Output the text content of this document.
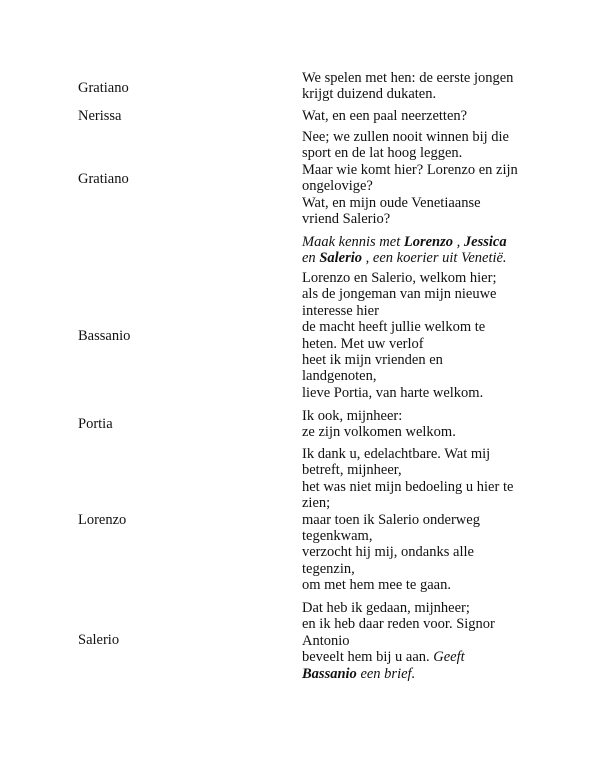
Gratiano
We spelen met hen: de eerste jongen
krijgt duizend dukaten.
Nerissa	Wat, en een paal neerzetten?
Gratiano
Nee; we zullen nooit winnen bij die
sport en de lat hoog leggen.
Maar wie komt hier? Lorenzo en zijn
ongelovige?
Wat, en mijn oude Venetiaanse
vriend Salerio?
Maak kennis met Lorenzo , Jessica
en Salerio , een koerier uit Venetië.
Bassanio
Lorenzo en Salerio, welkom hier;
als de jongeman van mijn nieuwe
interesse hier
de macht heeft jullie welkom te
heten. Met uw verlof
heet ik mijn vrienden en
landgenoten,
lieve Portia, van harte welkom.
Portia	Ik ook, mijnheer:
ze zijn volkomen welkom.
Lorenzo
Ik dank u, edelachtbare. Wat mij
betreft, mijnheer,
het was niet mijn bedoeling u hier te
zien;
maar toen ik Salerio onderweg
tegenkwam,
verzocht hij mij, ondanks alle
tegenzin,
om met hem mee te gaan.
Salerio
Dat heb ik gedaan, mijnheer;
en ik heb daar reden voor. Signor
Antonio
beveelt hem bij u aan. Geeft
Bassanio een brief.
